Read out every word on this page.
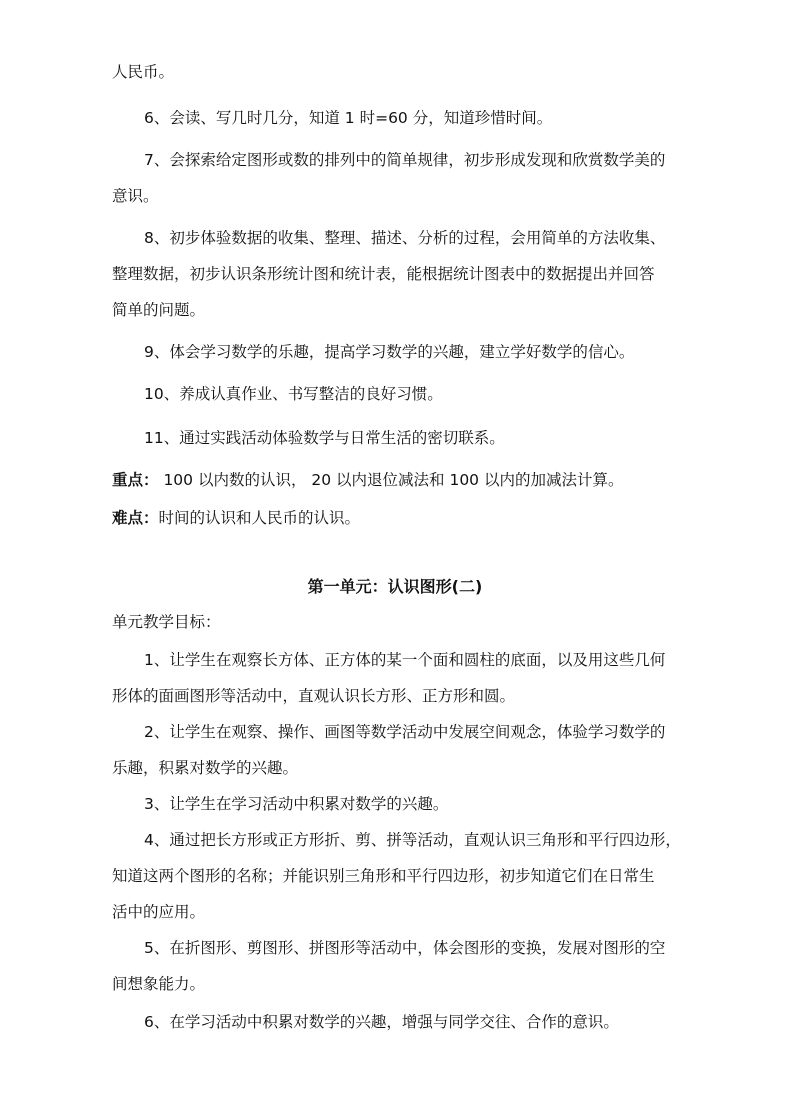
人民币。
6、会读、写几时几分，知道 1 时=60 分，知道珍惜时间。
7、会探索给定图形或数的排列中的简单规律，初步形成发现和欣赏数学美的
意识。
8、初步体验数据的收集、整理、描述、分析的过程，会用简单的方法收集、
整理数据，初步认识条形统计图和统计表，能根据统计图表中的数据提出并回答
简单的问题。
9、体会学习数学的乐趣，提高学习数学的兴趣，建立学好数学的信心。
10、养成认真作业、书写整洁的良好习惯。
11、通过实践活动体验数学与日常生活的密切联系。
重点： 100 以内数的认识， 20 以内退位减法和 100 以内的加减法计算。
难点：时间的认识和人民币的认识。
第一单元：认识图形(二)
单元教学目标：
1、让学生在观察长方体、正方体的某一个面和圆柱的底面，以及用这些几何
形体的面画图形等活动中，直观认识长方形、正方形和圆。
2、让学生在观察、操作、画图等数学活动中发展空间观念，体验学习数学的
乐趣，积累对数学的兴趣。
3、让学生在学习活动中积累对数学的兴趣。
4、通过把长方形或正方形折、剪、拼等活动，直观认识三角形和平行四边形，
知道这两个图形的名称；并能识别三角形和平行四边形，初步知道它们在日常生
活中的应用。
5、在折图形、剪图形、拼图形等活动中，体会图形的变换，发展对图形的空
间想象能力。
6、在学习活动中积累对数学的兴趣，增强与同学交往、合作的意识。
